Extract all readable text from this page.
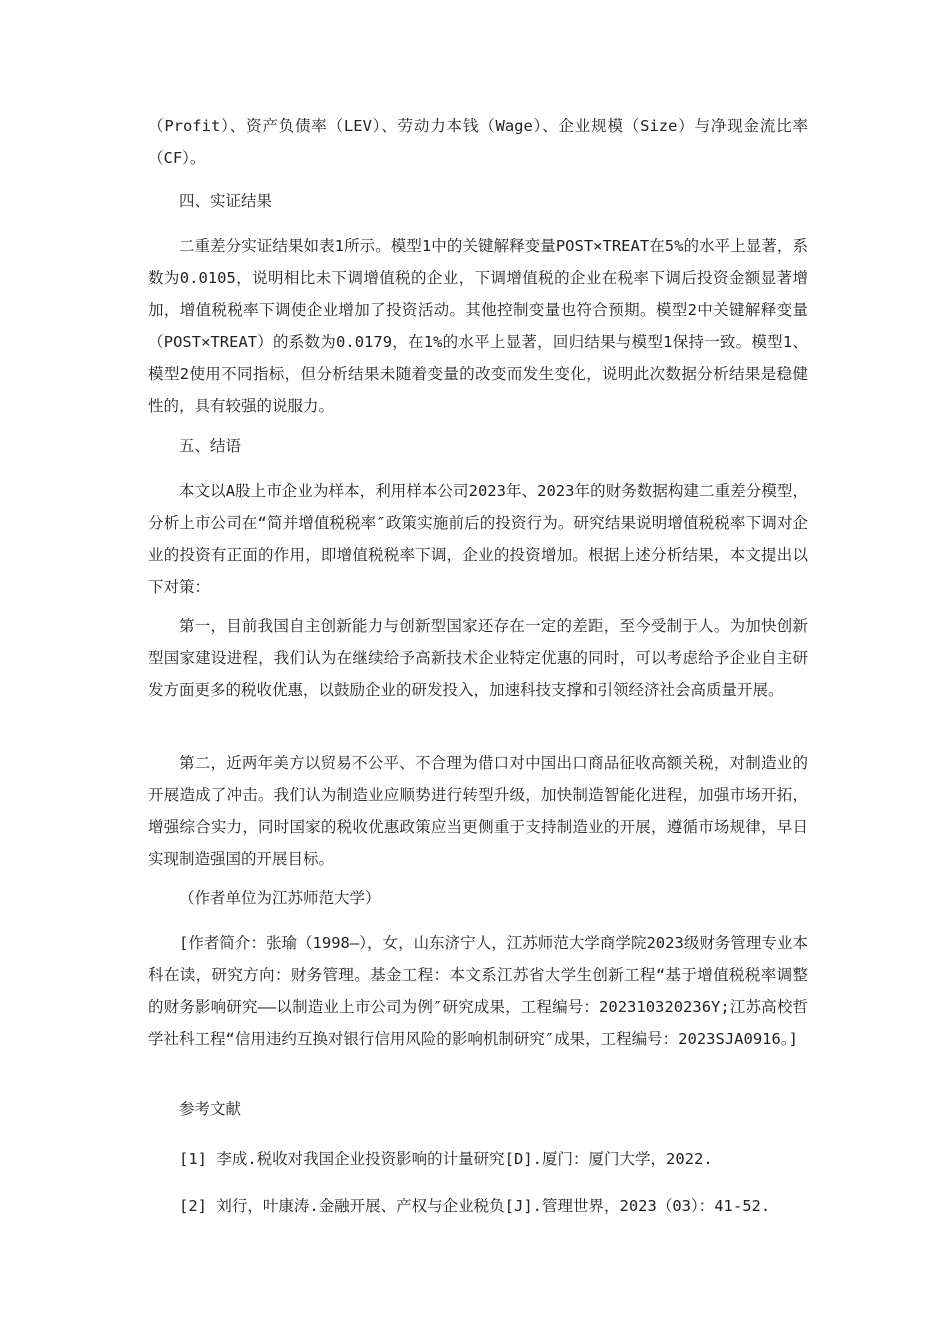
（Profit）、资产负债率（LEV）、劳动力本钱（Wage）、企业规模（Size）与净现金流比率（CF）。

四、实证结果

二重差分实证结果如表1所示。模型1中的关键解释变量POST×TREAT在5%的水平上显著，系数为0.0105，说明相比未下调增值税的企业，下调增值税的企业在税率下调后投资金额显著增加，增值税税率下调使企业增加了投资活动。其他控制变量也符合预期。模型2中关键解释变量（POST×TREAT）的系数为0.0179，在1%的水平上显著，回归结果与模型1保持一致。模型1、模型2使用不同指标，但分析结果未随着变量的改变而发生变化，说明此次数据分析结果是稳健性的，具有较强的说服力。

五、结语

本文以A股上市企业为样本，利用样本公司2023年、2023年的财务数据构建二重差分模型，分析上市公司在“简并增值税税率″政策实施前后的投资行为。研究结果说明增值税税率下调对企业的投资有正面的作用，即增值税税率下调，企业的投资增加。根据上述分析结果，本文提出以下对策：

第一，目前我国自主创新能力与创新型国家还存在一定的差距，至今受制于人。为加快创新型国家建设进程，我们认为在继续给予高新技术企业特定优惠的同时，可以考虑给予企业自主研发方面更多的税收优惠，以鼓励企业的研发投入，加速科技支撑和引领经济社会高质量开展。

第二，近两年美方以贸易不公平、不合理为借口对中国出口商品征收高额关税，对制造业的开展造成了冲击。我们认为制造业应顺势进行转型升级，加快制造智能化进程，加强市场开拓，增强综合实力，同时国家的税收优惠政策应当更侧重于支持制造业的开展，遵循市场规律，早日实现制造强国的开展目标。

（作者单位为江苏师范大学）

[作者简介：张瑜（1998—），女，山东济宁人，江苏师范大学商学院2023级财务管理专业本科在读，研究方向：财务管理。基金工程：本文系江苏省大学生创新工程“基于增值税税率调整的财务影响研究——以制造业上市公司为例″研究成果，工程编号：202310320236Y;江苏高校哲学社科工程“信用违约互换对银行信用风险的影响机制研究″成果，工程编号：2023SJA0916。]

参考文献

[1] 李成.税收对我国企业投资影响的计量研究[D].厦门：厦门大学，2022.

[2] 刘行，叶康涛.金融开展、产权与企业税负[J].管理世界，2023（03）：41-52.
